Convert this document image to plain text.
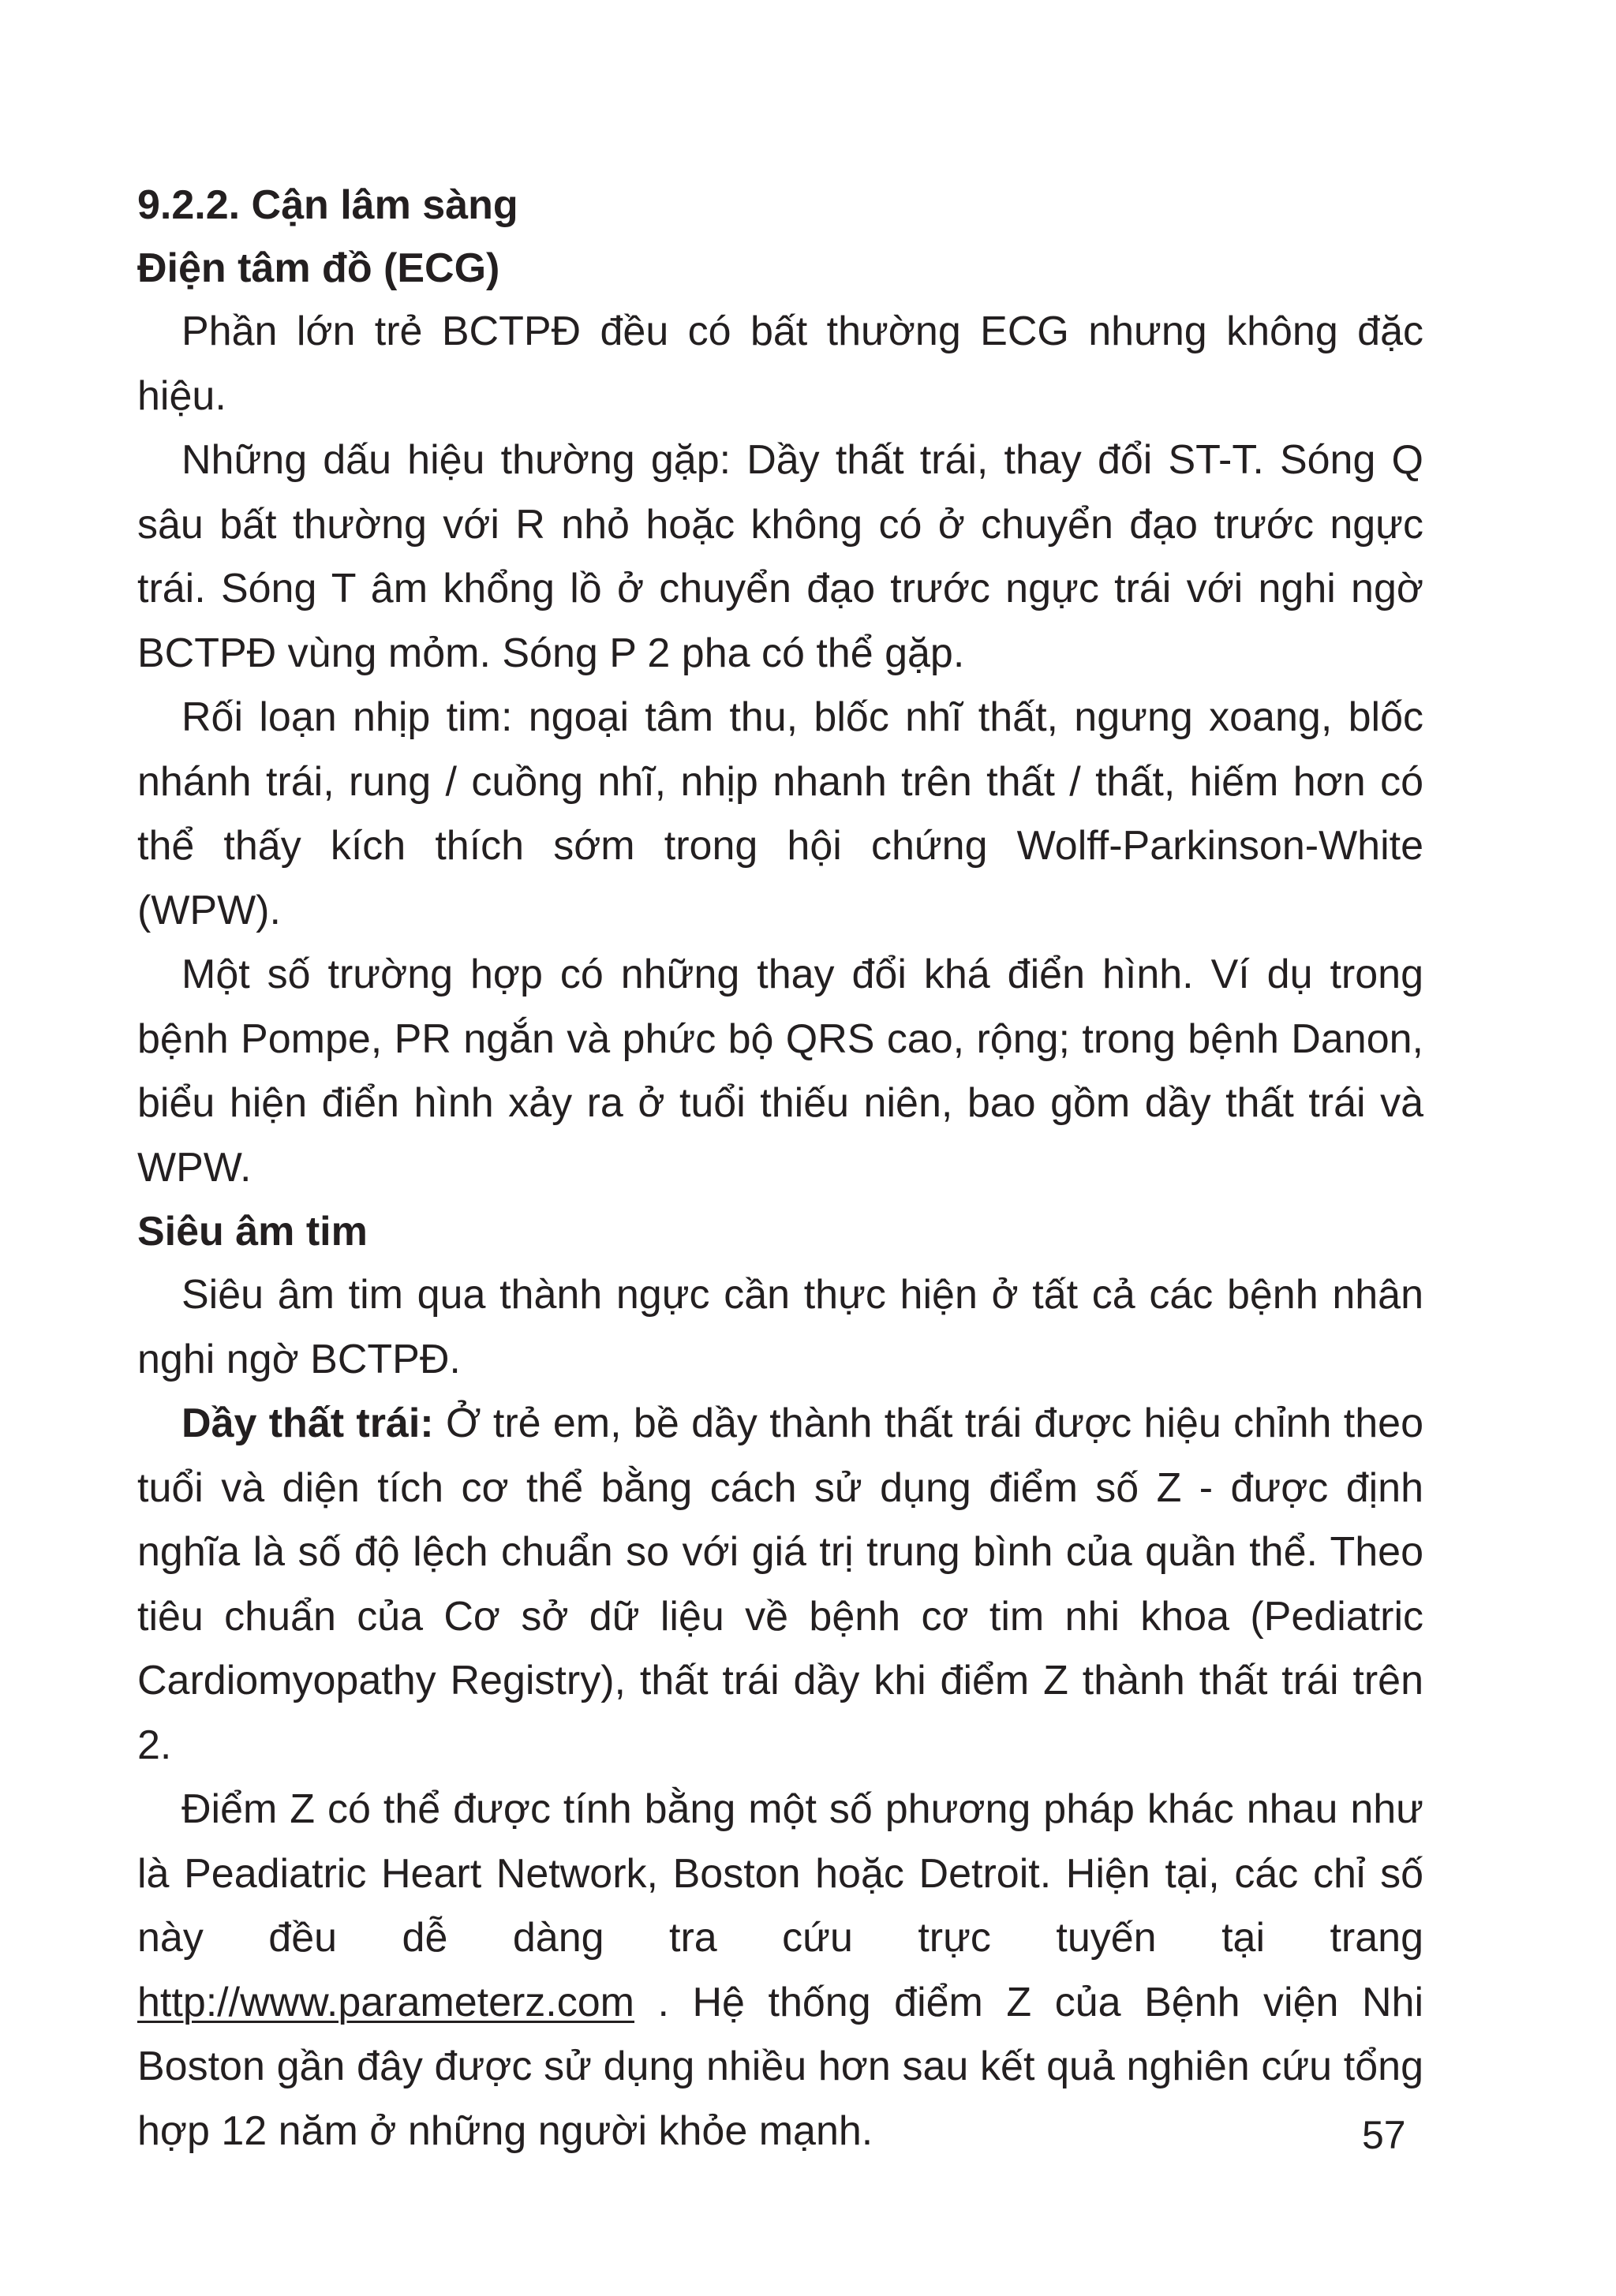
9.2.2. Cận lâm sàng
Điện tâm đồ (ECG)

Phần lớn trẻ BCTPĐ đều có bất thường ECG nhưng không đặc hiệu.

Những dấu hiệu thường gặp: Dầy thất trái, thay đổi ST-T. Sóng Q sâu bất thường với R nhỏ hoặc không có ở chuyển đạo trước ngực trái. Sóng T âm khổng lồ ở chuyển đạo trước ngực trái với nghi ngờ BCTPĐ vùng mỏm. Sóng P 2 pha có thể gặp.

Rối loạn nhịp tim: ngoại tâm thu, blốc nhĩ thất, ngưng xoang, blốc nhánh trái, rung / cuồng nhĩ, nhịp nhanh trên thất / thất, hiếm hơn có thể thấy kích thích sớm trong hội chứng Wolff-Parkinson-White (WPW).

Một số trường hợp có những thay đổi khá điển hình. Ví dụ trong bệnh Pompe, PR ngắn và phức bộ QRS cao, rộng; trong bệnh Danon, biểu hiện điển hình xảy ra ở tuổi thiếu niên, bao gồm dầy thất trái và WPW.

Siêu âm tim

Siêu âm tim qua thành ngực cần thực hiện ở tất cả các bệnh nhân nghi ngờ BCTPĐ.

Dầy thất trái: Ở trẻ em, bề dầy thành thất trái được hiệu chỉnh theo tuổi và diện tích cơ thể bằng cách sử dụng điểm số Z - được định nghĩa là số độ lệch chuẩn so với giá trị trung bình của quần thể. Theo tiêu chuẩn của Cơ sở dữ liệu về bệnh cơ tim nhi khoa (Pediatric Cardiomyopathy Registry), thất trái dầy khi điểm Z thành thất trái trên 2.

Điểm Z có thể được tính bằng một số phương pháp khác nhau như là Peadiatric Heart Network, Boston hoặc Detroit. Hiện tại, các chỉ số này đều dễ dàng tra cứu trực tuyến tại trang http://www.parameterz.com . Hệ thống điểm Z của Bệnh viện Nhi Boston gần đây được sử dụng nhiều hơn sau kết quả nghiên cứu tổng hợp 12 năm ở những người khỏe mạnh.	57
